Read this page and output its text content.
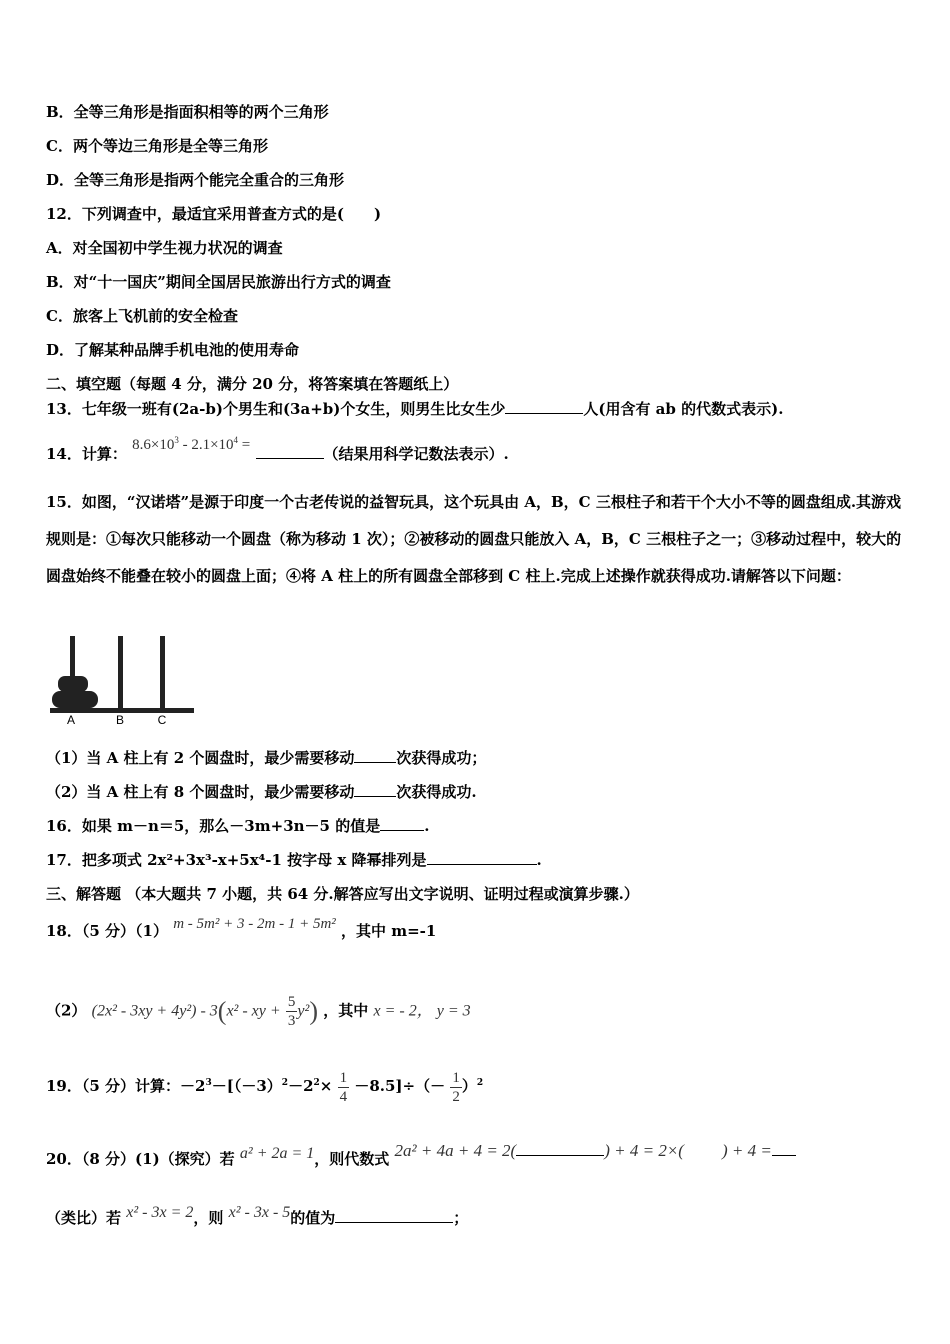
B．全等三角形是指面积相等的两个三角形
C．两个等边三角形是全等三角形
D．全等三角形是指两个能完全重合的三角形
12．下列调查中，最适宜采用普查方式的是(　　)
A．对全国初中学生视力状况的调查
B．对“十一国庆”期间全国居民旅游出行方式的调查
C．旅客上飞机前的安全检查
D．了解某种品牌手机电池的使用寿命
二、填空题（每题 4 分，满分 20 分，将答案填在答题纸上）
13．七年级一班有(2a-b)个男生和(3a+b)个女生，则男生比女生少	人(用含有 ab 的代数式表示).
14．计算： $8.6\times 10^3 - 2.1\times 10^4$ =	（结果用科学记数法表示）.
15．如图，“汉诺塔”是源于印度一个古老传说的益智玩具，这个玩具由 A，B，C 三根柱子和若干个大小不等的圆盘组成.其游戏规则是：①每次只能移动一个圆盘（称为移动 1 次）；②被移动的圆盘只能放入 A，B，C 三根柱子之一；③移动过程中，较大的圆盘始终不能叠在较小的圆盘上面；④将 A 柱上的所有圆盘全部移到 C 柱上.完成上述操作就获得成功.请解答以下问题：
A	B	C
（1）当 A 柱上有 2 个圆盘时，最少需要移动	次获得成功；
（2）当 A 柱上有 8 个圆盘时，最少需要移动	次获得成功.
16．如果 m－n＝5，那么－3m+3n－5 的值是	.
17．把多项式 2x²+3x³-x+5x⁴-1 按字母 x 降幂排列是	.
三、解答题 （本大题共 7 小题，共 64 分.解答应写出文字说明、证明过程或演算步骤.）
18．（5 分）（1） m - 5m² + 3 - 2m - 1 + 5m² ，其中 m=-1
（2） (2x² - 3xy + 4y²) - 3(x² - xy + $\frac{5}{3} y^2$) ，其中 x = - 2， y = 3
19．（5 分）计算：$-2^3-[(-3)^2-2^2\times \frac{1}{4} -8.5]\div(- \frac{1}{2} )^2$
20．（8 分）(1)（探究）若 a² + 2a = 1，则代数式 2a² + 4a + 4 = 2(	) + 4 = 2×( ) + 4 =
（类比）若 x² - 3x = 2，则 x² - 3x - 5的值为	；
